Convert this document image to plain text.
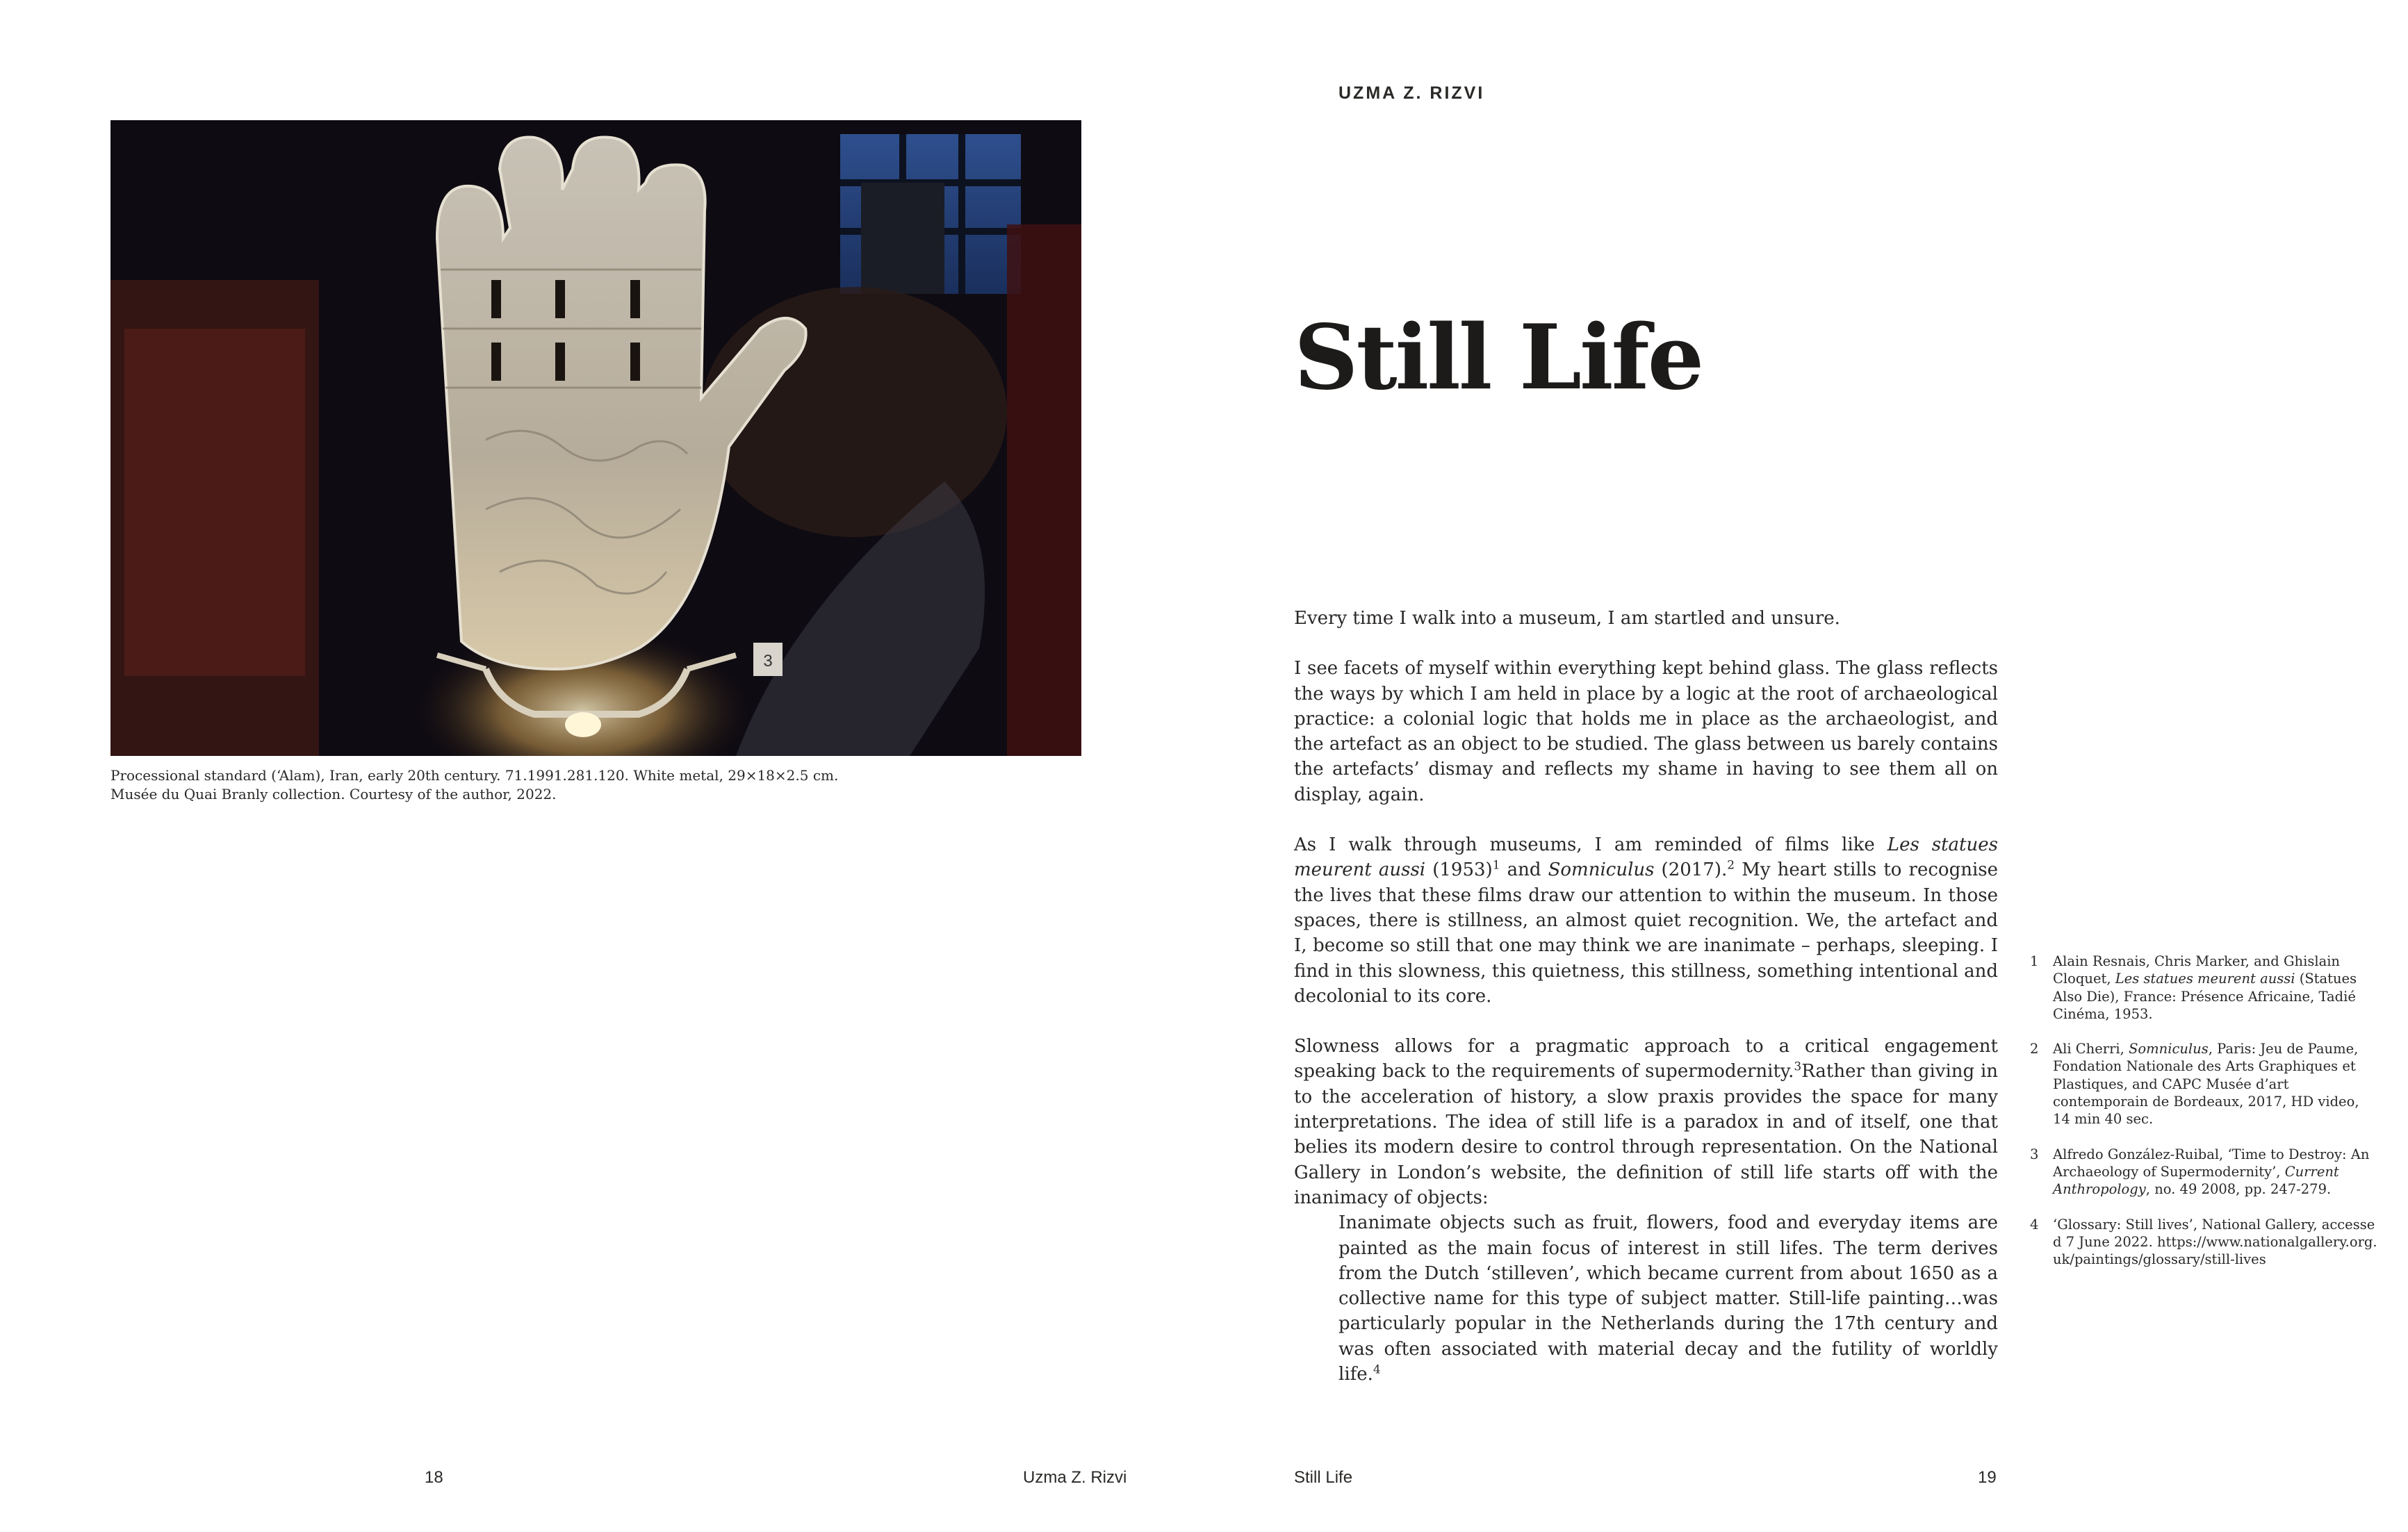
3
Processional standard (‘Alam), Iran, early 20th century. 71.1991.281.120. White metal, 29×18×2.5 cm.
Musée du Quai Branly collection. Courtesy of the author, 2022.
18	Uzma Z. Rizvi
UZMA Z. RIZVI
Still Life

Every time I walk into a museum, I am startled and unsure.

I see facets of myself within everything kept behind glass. The glass reflects the ways by which I am held in place by a logic at the root of archaeological practice: a colonial logic that holds me in place as the archaeologist, and the artefact as an object to be studied. The glass between us barely contains the artefacts’ dismay and reflects my shame in having to see them all on display, again.

As I walk through museums, I am reminded of films like Les statues meurent aussi $(1953)^1$ and Somniculus (2017).$^2$ My heart stills to recognise the lives that these films draw our attention to within the museum. In those spaces, there is stillness, an almost quiet recognition. We, the artefact and I, become so still that one may think we are inanimate – perhaps, sleeping. I find in this slowness, this quietness, this stillness, something intentional and decolonial to its core.

Slowness allows for a pragmatic approach to a critical engagement speaking back to the requirements of supermodernity.$^3$Rather than giving in to the acceleration of history, a slow praxis provides the space for many interpretations. The idea of still life is a paradox in and of itself, one that belies its modern desire to control through representation. On the National Gallery in London’s website, the definition of still life starts off with the inanimacy of objects:

Inanimate objects such as fruit, flowers, food and everyday items are painted as the main focus of interest in still lifes. The term derives from the Dutch ‘stilleven’, which became current from about 1650 as a collective name for this type of subject matter. Still-life painting…was particularly popular in the Netherlands during the 17th century and was often associated with material decay and the futility of worldly life.$^4$
1 Alain Resnais, Chris Marker, and Ghislain Cloquet, Les statues meurent aussi (Statues Also Die), France: Présence Africaine, Tadié Cinéma, 1953.
2 Ali Cherri, Somniculus, Paris: Jeu de Paume, Fondation Nationale des Arts Graphiques et Plastiques, and CAPC Musée d’art contemporain de Bordeaux, 2017, HD video, 14 min 40 sec.
3 Alfredo González-Ruibal, ‘Time to Destroy: An Archaeology of Supermodernity’, Current Anthropology, no. 49 2008, pp. 247-279.
4 ‘Glossary: Still lives’, National Gallery, accessed 7 June 2022. https://www.nationalgallery.org.uk/paintings/glossary/still-lives
Still Life	19
